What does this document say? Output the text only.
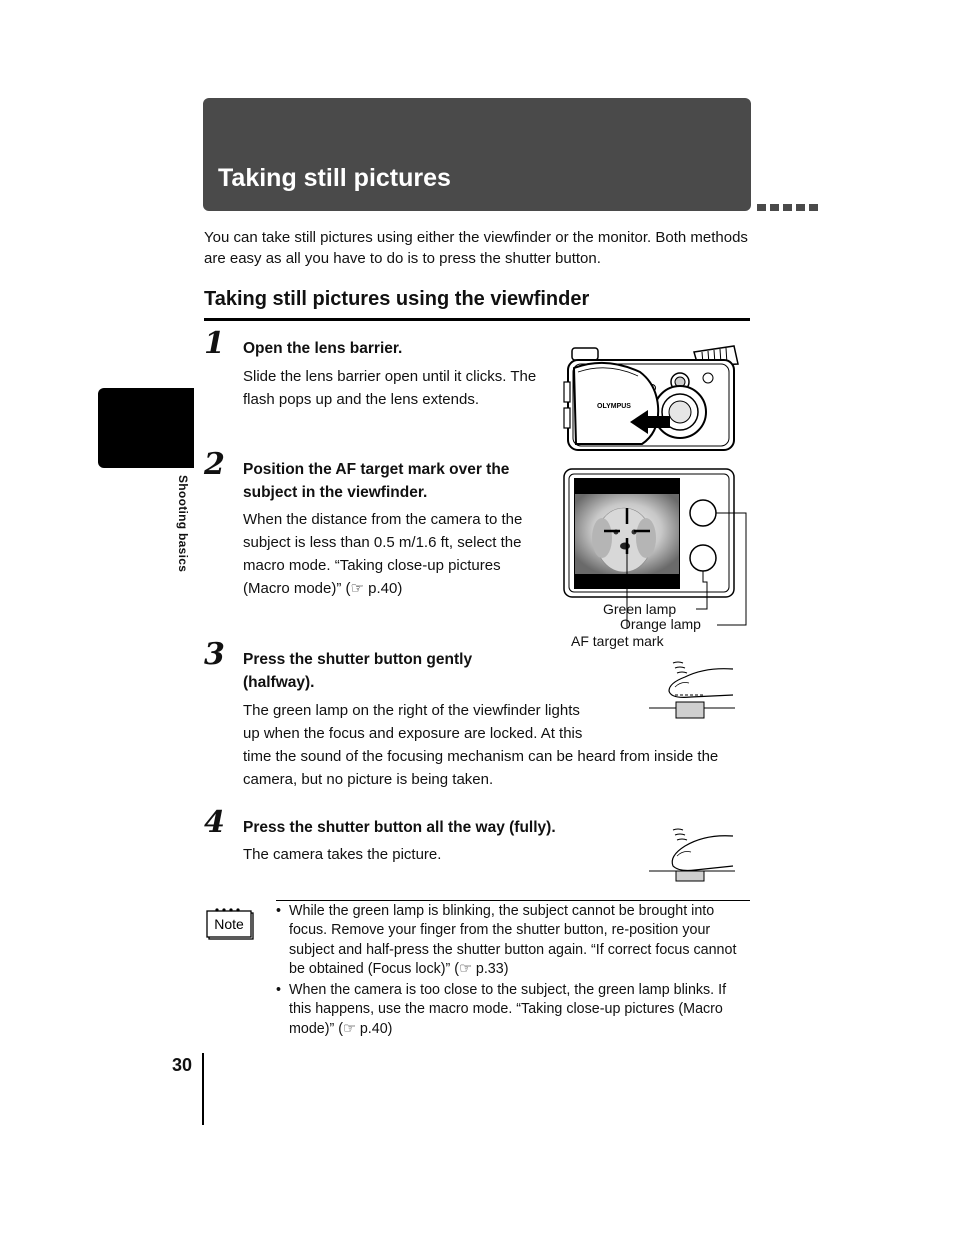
Taking still pictures
Shooting basics
You can take still pictures using either the viewfinder or the monitor. Both methods are easy as all you have to do is to press the shutter button.
Taking still pictures using the viewfinder
1 Open the lens barrier.
Slide the lens barrier open until it clicks. The flash pops up and the lens extends.	OLYMPUS
2 Position the AF target mark over the subject in the viewfinder.
When the distance from the camera to the subject is less than 0.5 m/1.6 ft, select the macro mode. “Taking close-up pictures (Macro mode)” (☞ p.40)
Green lamp
Orange lamp
AF target mark
3 Press the shutter button gently (halfway).
The green lamp on the right of the viewfinder lights
up when the focus and exposure are locked. At this
time the sound of the focusing mechanism can be heard from inside the camera, but no picture is being taken.
4 Press the shutter button all the way (fully).
The camera takes the picture.
Note
• While the green lamp is blinking, the subject cannot be brought into focus. Remove your finger from the shutter button, re-position your subject and half-press the shutter button again. “If correct focus cannot be obtained (Focus lock)” (☞ p.33)
• When the camera is too close to the subject, the green lamp blinks. If this happens, use the macro mode. “Taking close-up pictures (Macro mode)” (☞ p.40)
30
